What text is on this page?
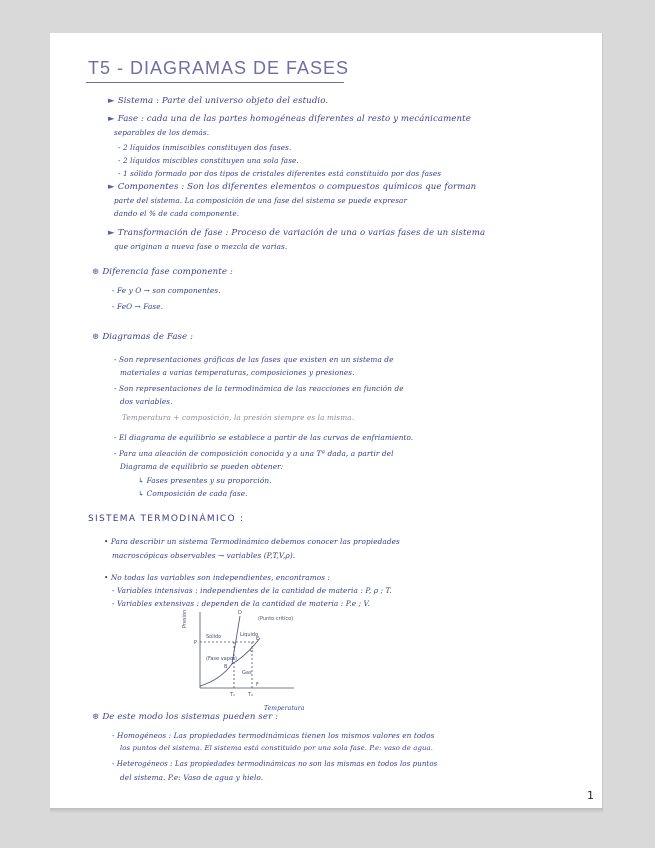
T5 - DIAGRAMAS DE FASES
► Sistema : Parte del universo objeto del estudio.
► Fase : cada una de las partes homogéneas diferentes al resto y mecánicamente
separables de los demás.
- 2 líquidos inmiscibles constituyen dos fases.
- 2 líquidos miscibles constituyen una sola fase.
- 1 sólido formado por dos tipos de cristales diferentes está constituido por dos fases
► Componentes : Son los diferentes elementos o compuestos químicos que forman
parte del sistema. La composición de una fase del sistema se puede expresar
dando el % de cada componente.
► Transformación de fase : Proceso de variación de una o varias fases de un sistema
que originan a nueva fase o mezcla de varias.
⊛ Diferencia fase componente :
- Fe y O → son componentes.
- FeO → Fase.
⊛ Diagramas de Fase :
- Son representaciones gráficas de las fases que existen en un sistema de
materiales a varias temperaturas, composiciones y presiones.
- Son representaciones de la termodinámica de las reacciones en función de
dos variables.
Temperatura + composición, la presión siempre es la misma.
- El diagrama de equilibrio se establece a partir de las curvas de enfriamiento.
- Para una aleación de composición conocida y a una Tª dada, a partir del
Diagrama de equilibrio se pueden obtener:
↳ Fases presentes y su proporción.
↳ Composición de cada fase.
SISTEMA TERMODINÁMICO :
• Para describir un sistema Termodinámico debemos conocer las propiedades
macroscópicas observables → variables (P,T,V,ρ).
• No todas las variables son independientes, encontramos :
- Variables intensivas : independientes de la cantidad de materia : P, ρ ; T.
- Variables extensivas : dependen de la cantidad de materia : P.e ; V.
Presión
Sólido	Líquido
(Fase vapor)
Gas
(Punto crítico)
D
B
C
E
P
T₁	T₂
F
Temperatura
⊛ De este modo los sistemas pueden ser :
- Homogéneos : Las propiedades termodinámicas tienen los mismos valores en todos
los puntos del sistema. El sistema está constituido por una sola fase. P.e: vaso de agua.
- Heterogéneos : Las propiedades termodinámicas no son las mismas en todos los puntos
del sistema. P.e: Vaso de agua y hielo.
1
